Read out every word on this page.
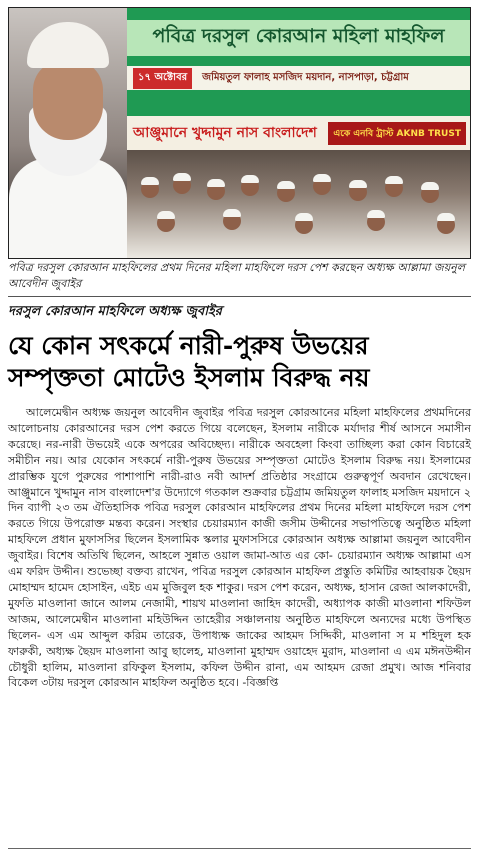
পবিত্র দরসুল কোরআন মহিলা মাহফিল
১৭ অক্টোবর	জমিয়তুল ফালাহ মসজিদ ময়দান, নাসপাড়া, চট্টগ্রাম
আঞ্জুমানে খুদ্দামুন নাস বাংলাদেশ	একে এনবি ট্রাস্ট AKNB TRUST
পবিত্র দরসুল কোরআন মাহফিলের প্রথম দিনের মহিলা মাহফিলে দরস পেশ করছেন অধ্যক্ষ আল্লামা জয়নুল আবেদীন জুবাইর
দরসুল কোরআন মাহফিলে অধ্যক্ষ জুবাইর
যে কোন সৎকর্মে নারী-পুরুষ উভয়ের সম্পৃক্ততা মোটেও ইসলাম বিরুদ্ধ নয়
আলেমেদ্বীন অধ্যক্ষ জয়নুল আবেদীন জুবাইর পবিত্র দরসুল কোরআনের মহিলা মাহফিলের প্রথমদিনের আলোচনায় কোরআনের দরস পেশ করতে গিয়ে বলেছেন, ইসলাম নারীকে মর্যাদার শীর্ষ আসনে সমাসীন করেছে। নর-নারী উভয়েই একে অপরের অবিচ্ছেদ্য। নারীকে অবহেলা কিংবা তাচ্ছিল্য করা কোন বিচারেই সমীচীন নয়। আর যেকোন সৎকর্মে নারী-পুরুষ উভয়ের সম্পৃক্ততা মোটেও ইসলাম বিরুদ্ধ নয়। ইসলামের প্রারম্ভিক যুগে পুরুষের পাশাপাশি নারী-রাও নবী আদর্শ প্রতিষ্ঠার সংগ্রামে গুরুত্বপূর্ণ অবদান রেখেছেন। আঞ্জুমানে খুদ্দামুন নাস বাংলাদেশ'র উদ্যোগে গতকাল শুক্রবার চট্টগ্রাম জমিয়তুল ফালাহ মসজিদ ময়দানে ২ দিন ব্যাপী ২৩ তম ঐতিহাসিক পবিত্র দরসুল কোরআন মাহফিলের প্রথম দিনের মহিলা মাহফিলে দরস পেশ করতে গিয়ে উপরোক্ত মন্তব্য করেন। সংস্থার চেয়ারম্যান কাজী জসীম উদ্দীনের সভাপতিত্বে অনুষ্ঠিত মহিলা মাহফিলে প্রধান মুফাসসির ছিলেন ইসলামিক স্কলার মুফাসসিরে কোরআন অধ্যক্ষ আল্লামা জয়নুল আবেদীন জুবাইর। বিশেষ অতিথি ছিলেন, আহলে সুন্নাত ওয়াল জামা-আত এর কো- চেয়ারম্যান অধ্যক্ষ আল্লামা এস এম ফরিদ উদ্দীন। শুভেচ্ছা বক্তব্য রাখেন, পবিত্র দরসুল কোরআন মাহফিল প্রস্তুতি কমিটির আহবায়ক ছৈয়দ মোহাম্মদ হামেদ হোসাইন, এইচ এম মুজিবুল হক শাকুর। দরস পেশ করেন, অধ্যক্ষ, হাসান রেজা আলকাদেরী, মুফতি মাওলানা জানে আলম নেজামী, শায়খ মাওলানা জাহিদ কাদেরী, অধ্যাপক কাজী মাওলানা শফিউল আজম, আলেমেদ্বীন মাওলানা মহিউদ্দিন তাহেরীর সঞ্চালনায় অনুষ্ঠিত মাহফিলে অন্যদের মধ্যে উপস্থিত ছিলেন- এস এম আব্দুল করিম তারেক, উপাধ্যক্ষ জাকের আহমদ সিদ্দিকী, মাওলানা স ম শহিদুল হক ফারুকী, অধ্যক্ষ ছৈয়দ মাওলানা আবু ছালেহ, মাওলানা মুহাম্মদ ওয়াহেদ মুরাদ, মাওলানা এ এম মঈনউদ্দীন চৌধুরী হালিম, মাওলানা রফিকুল ইসলাম, কফিল উদ্দীন রানা, এম আহমদ রেজা প্রমুখ। আজ শনিবার বিকেল ৩টায় দরসুল কোরআন মাহফিল অনুষ্ঠিত হবে। -বিজ্ঞপ্তি
